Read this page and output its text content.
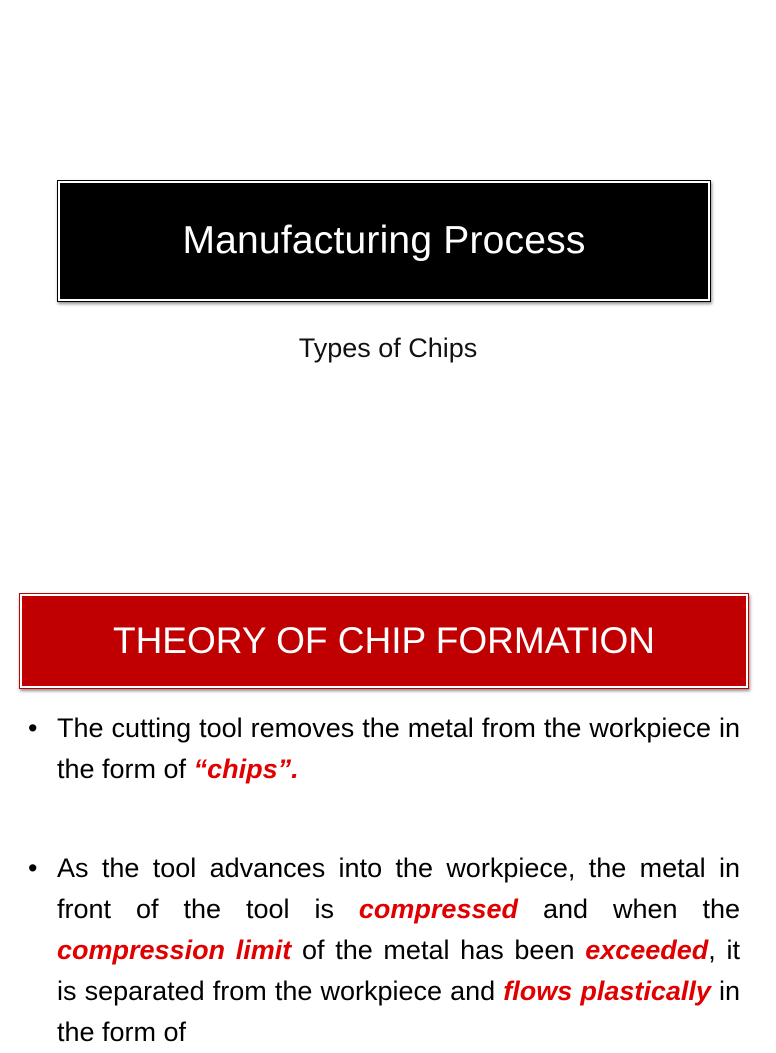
Manufacturing Process
Types of Chips
THEORY OF CHIP FORMATION
• The cutting tool removes the metal from the workpiece in the form of “chips”.
• As the tool advances into the workpiece, the metal in front of the tool is compressed and when the compression limit of the metal has been exceeded, it is separated from the workpiece and flows plastically in the form of
